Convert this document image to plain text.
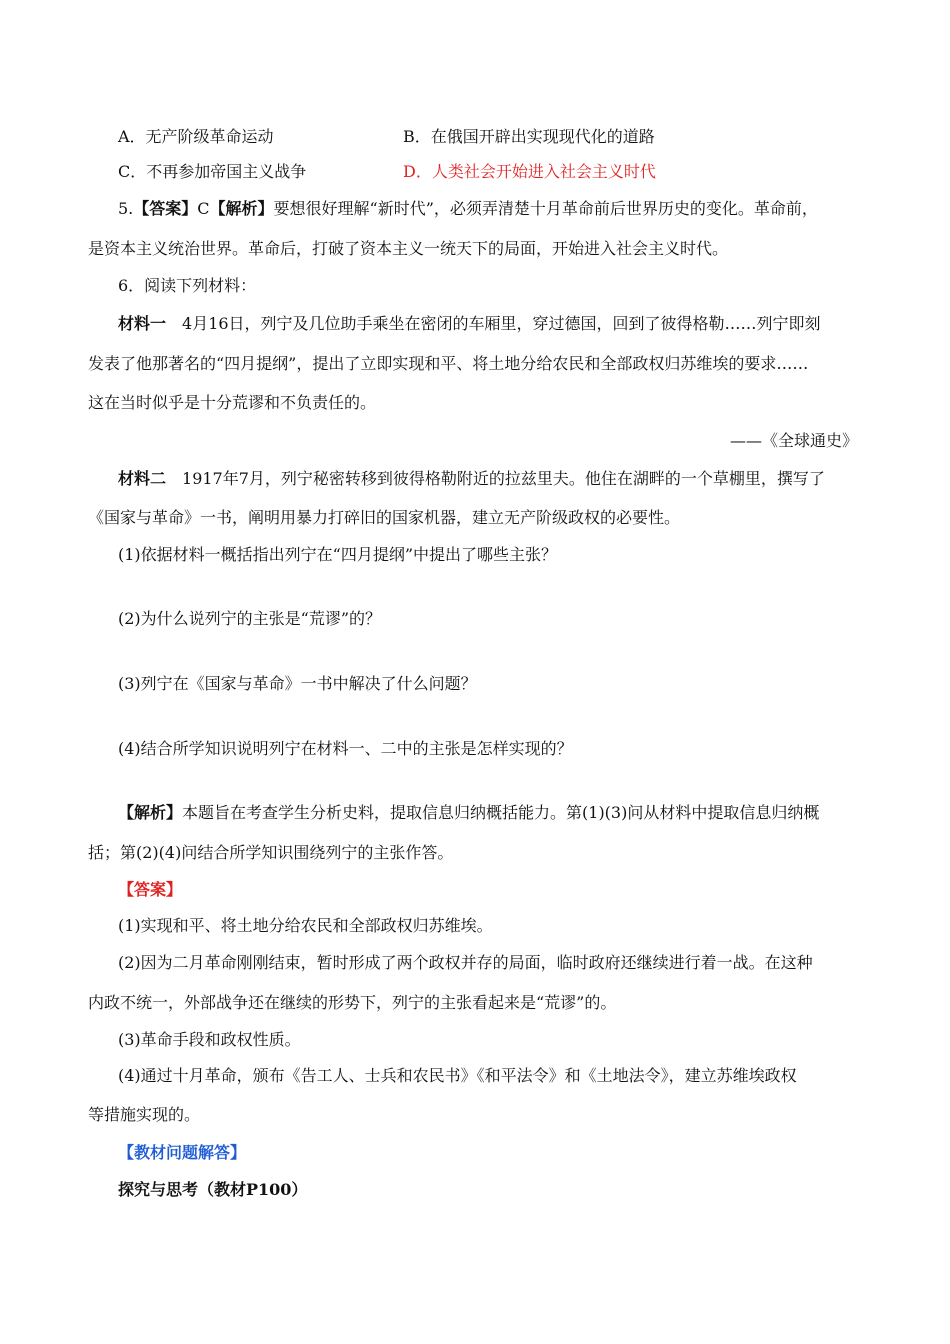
A．无产阶级革命运动	B．在俄国开辟出实现现代化的道路
C．不再参加帝国主义战争	D．人类社会开始进入社会主义时代
5.【答案】C【解析】要想很好理解“新时代”，必须弄清楚十月革命前后世界历史的变化。革命前，
是资本主义统治世界。革命后，打破了资本主义一统天下的局面，开始进入社会主义时代。
6．阅读下列材料：
材料一　4月16日，列宁及几位助手乘坐在密闭的车厢里，穿过德国，回到了彼得格勒……列宁即刻
发表了他那著名的“四月提纲”，提出了立即实现和平、将土地分给农民和全部政权归苏维埃的要求……
这在当时似乎是十分荒谬和不负责任的。
——《全球通史》
材料二　1917年7月，列宁秘密转移到彼得格勒附近的拉兹里夫。他住在湖畔的一个草棚里，撰写了
《国家与革命》一书，阐明用暴力打碎旧的国家机器，建立无产阶级政权的必要性。
(1)依据材料一概括指出列宁在“四月提纲”中提出了哪些主张？
(2)为什么说列宁的主张是“荒谬”的？
(3)列宁在《国家与革命》一书中解决了什么问题？
(4)结合所学知识说明列宁在材料一、二中的主张是怎样实现的？
【解析】本题旨在考查学生分析史料，提取信息归纳概括能力。第(1)(3)问从材料中提取信息归纳概
括；第(2)(4)问结合所学知识围绕列宁的主张作答。
【答案】
(1)实现和平、将土地分给农民和全部政权归苏维埃。
(2)因为二月革命刚刚结束，暂时形成了两个政权并存的局面，临时政府还继续进行着一战。在这种
内政不统一，外部战争还在继续的形势下，列宁的主张看起来是“荒谬”的。
(3)革命手段和政权性质。
(4)通过十月革命，颁布《告工人、士兵和农民书》《和平法令》和《土地法令》，建立苏维埃政权
等措施实现的。
【教材问题解答】
探究与思考（教材P100）
